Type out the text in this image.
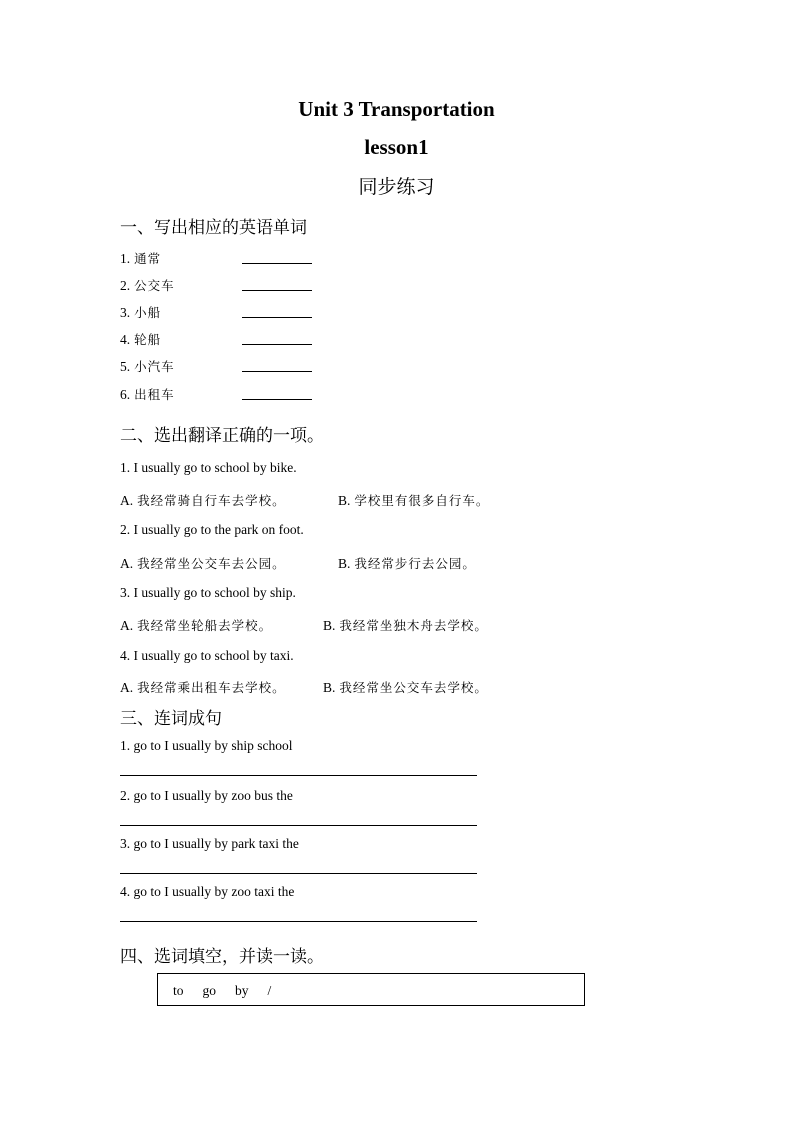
Unit 3 Transportation
lesson1
同步练习
一、写出相应的英语单词
1. 通常
2. 公交车
3. 小船
4. 轮船
5. 小汽车
6. 出租车
二、选出翻译正确的一项。
1. I usually go to school by bike.
A. 我经常骑自行车去学校。	B. 学校里有很多自行车。
2. I usually go to the park on foot.
A. 我经常坐公交车去公园。	B. 我经常步行去公园。
3. I usually go to school by ship.
A. 我经常坐轮船去学校。	B. 我经常坐独木舟去学校。
4. I usually go to school by taxi.
A. 我经常乘出租车去学校。	B. 我经常坐公交车去学校。
三、连词成句
1. go to I usually by ship school
2. go to I usually by zoo bus the
3. go to I usually by park taxi the
4. go to I usually by zoo taxi the
四、选词填空，并读一读。
to go by /
